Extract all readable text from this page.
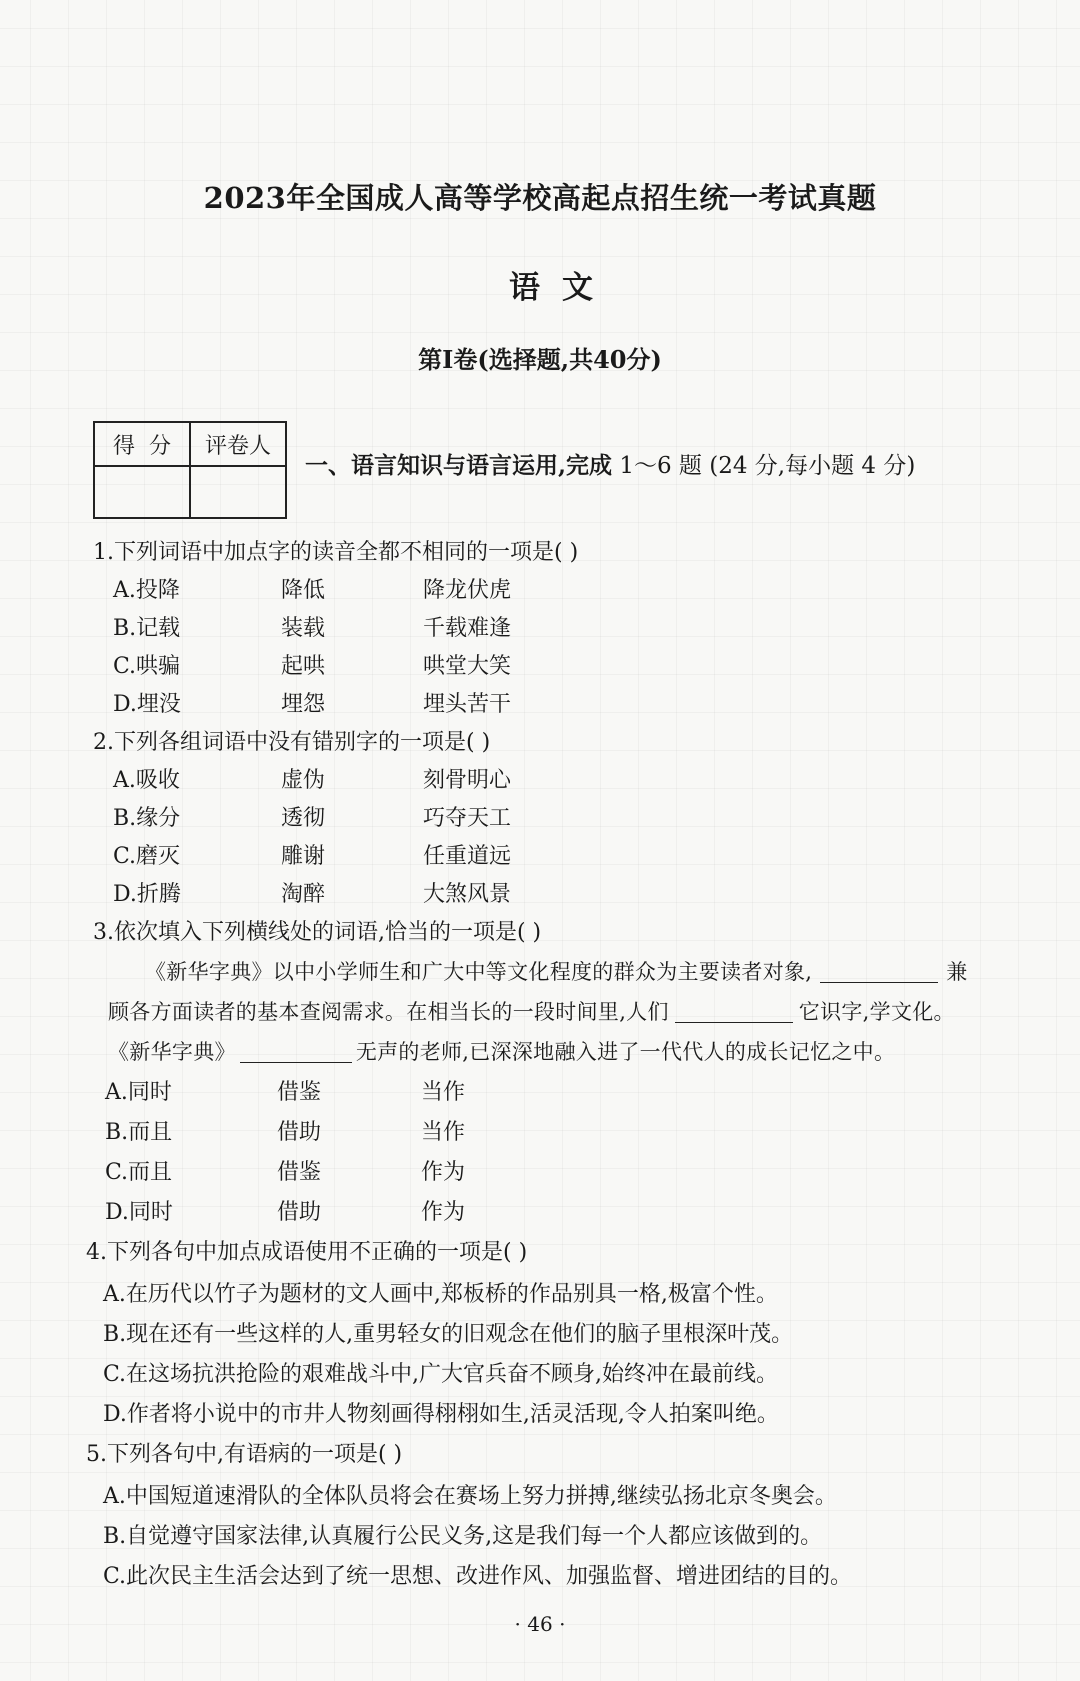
2023年全国成人高等学校高起点招生统一考试真题
语文
第Ⅰ卷(选择题,共40分)
得  分	评卷人

一、语言知识与语言运用,完成 1～6 题 (24 分,每小题 4 分)
1.下列词语中加点字的读音全都不相同的一项是( )
A.投降	降低	降龙伏虎
B.记载	装载	千载难逢
C.哄骗	起哄	哄堂大笑
D.埋没	埋怨	埋头苦干
2.下列各组词语中没有错别字的一项是( )
A.吸收	虚伪	刻骨明心
B.缘分	透彻	巧夺天工
C.磨灭	雕谢	任重道远
D.折腾	淘醉	大煞风景
3.依次填入下列横线处的词语,恰当的一项是( )
《新华字典》以中小学师生和广大中等文化程度的群众为主要读者对象,	兼
顾各方面读者的基本查阅需求。在相当长的一段时间里,人们	它识字,学文化。
《新华字典》	无声的老师,已深深地融入进了一代代人的成长记忆之中。
A.同时	借鉴	当作
B.而且	借助	当作
C.而且	借鉴	作为
D.同时	借助	作为
4.下列各句中加点成语使用不正确的一项是( )
A.在历代以竹子为题材的文人画中,郑板桥的作品别具一格,极富个性。
B.现在还有一些这样的人,重男轻女的旧观念在他们的脑子里根深叶茂。
C.在这场抗洪抢险的艰难战斗中,广大官兵奋不顾身,始终冲在最前线。
D.作者将小说中的市井人物刻画得栩栩如生,活灵活现,令人拍案叫绝。
5.下列各句中,有语病的一项是( )
A.中国短道速滑队的全体队员将会在赛场上努力拼搏,继续弘扬北京冬奥会。
B.自觉遵守国家法律,认真履行公民义务,这是我们每一个人都应该做到的。
C.此次民主生活会达到了统一思想、改进作风、加强监督、增进团结的目的。
· 46 ·
